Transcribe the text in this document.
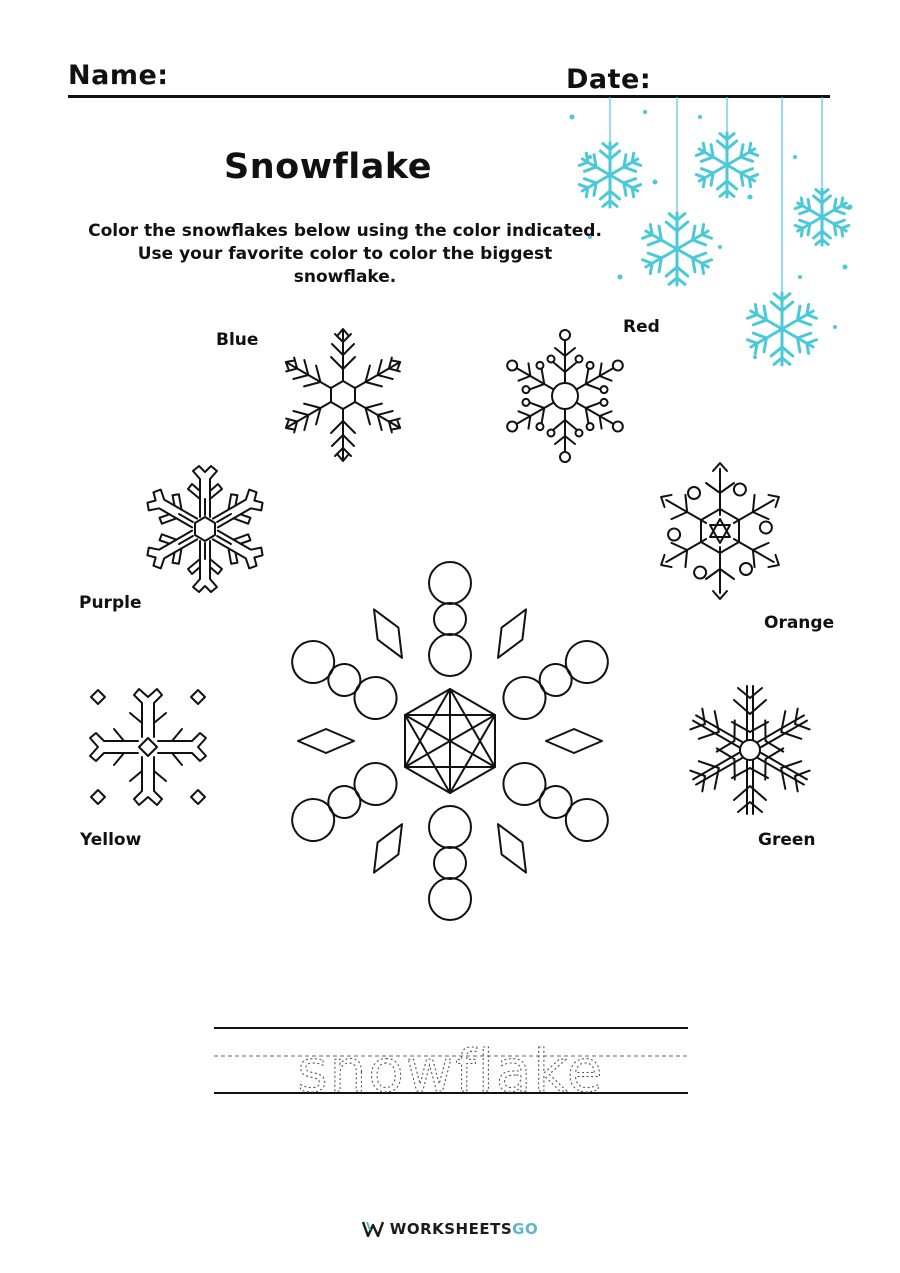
Name:	Date:
Snowflake
Color the snowflakes below using the color indicated.
Use your favorite color to color the biggest
snowflake.
Blue
Red
Purple
Orange
Yellow	Green
snowflake
WORKSHEETSGO
